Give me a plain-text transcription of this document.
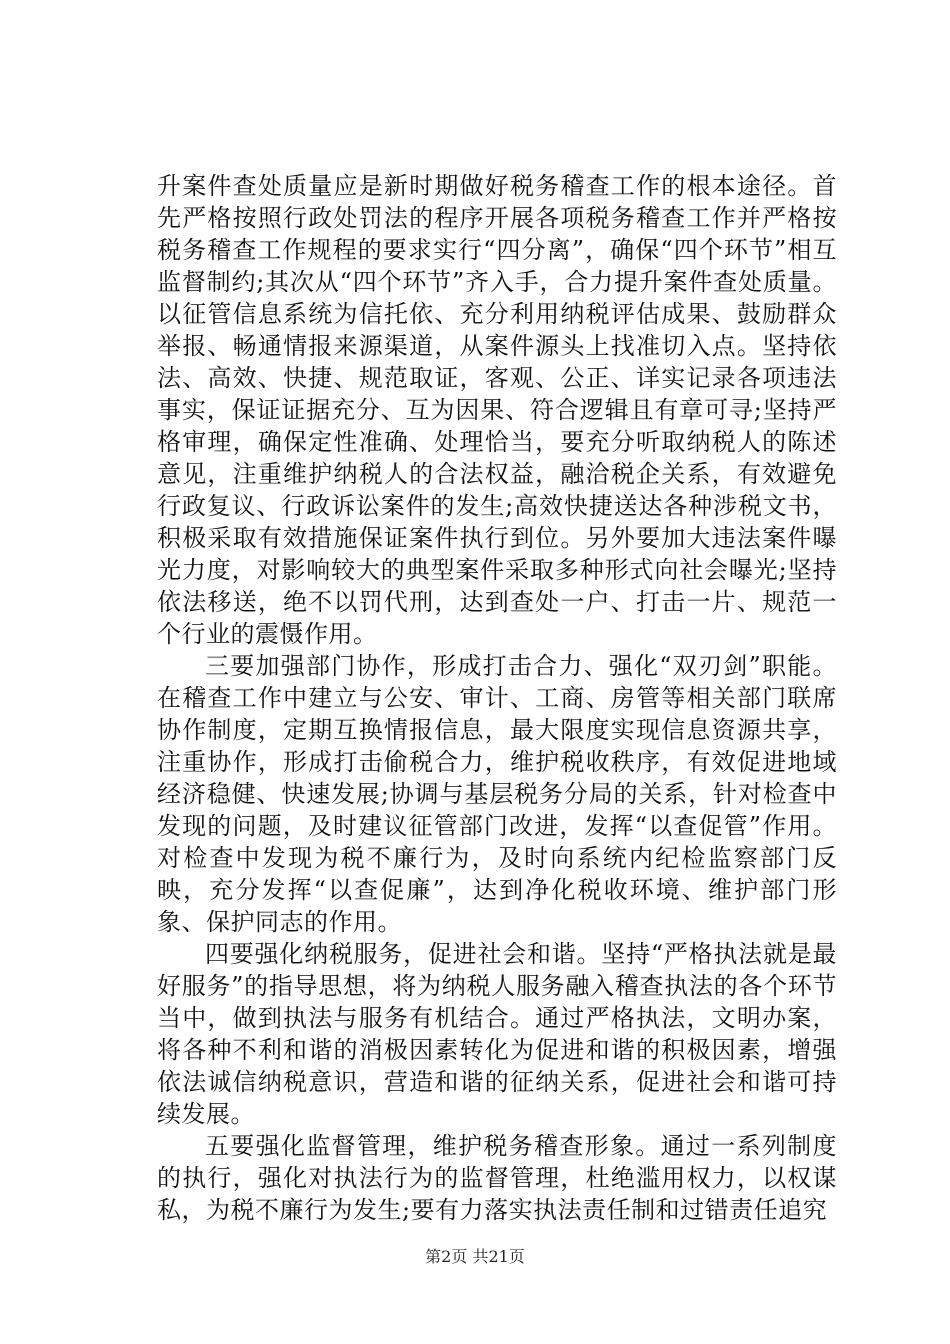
升案件查处质量应是新时期做好税务稽查工作的根本途径。首先严格按照行政处罚法的程序开展各项税务稽查工作并严格按税务稽查工作规程的要求实行“四分离”，确保“四个环节”相互监督制约;其次从“四个环节”齐入手，合力提升案件查处质量。以征管信息系统为信托依、充分利用纳税评估成果、鼓励群众举报、畅通情报来源渠道，从案件源头上找准切入点。坚持依法、高效、快捷、规范取证，客观、公正、详实记录各项违法事实，保证证据充分、互为因果、符合逻辑且有章可寻;坚持严格审理，确保定性准确、处理恰当，要充分听取纳税人的陈述意见，注重维护纳税人的合法权益，融洽税企关系，有效避免行政复议、行政诉讼案件的发生;高效快捷送达各种涉税文书，积极采取有效措施保证案件执行到位。另外要加大违法案件曝光力度，对影响较大的典型案件采取多种形式向社会曝光;坚持依法移送，绝不以罚代刑，达到查处一户、打击一片、规范一个行业的震慑作用。

三要加强部门协作，形成打击合力、强化“双刃剑”职能。在稽查工作中建立与公安、审计、工商、房管等相关部门联席协作制度，定期互换情报信息，最大限度实现信息资源共享，注重协作，形成打击偷税合力，维护税收秩序，有效促进地域经济稳健、快速发展;协调与基层税务分局的关系，针对检查中发现的问题，及时建议征管部门改进，发挥“以查促管”作用。对检查中发现为税不廉行为，及时向系统内纪检监察部门反映，充分发挥“以查促廉”，达到净化税收环境、维护部门形象、保护同志的作用。

四要强化纳税服务，促进社会和谐。坚持“严格执法就是最好服务”的指导思想，将为纳税人服务融入稽查执法的各个环节当中，做到执法与服务有机结合。通过严格执法，文明办案，将各种不利和谐的消极因素转化为促进和谐的积极因素，增强依法诚信纳税意识，营造和谐的征纳关系，促进社会和谐可持续发展。

五要强化监督管理，维护税务稽查形象。通过一系列制度的执行，强化对执法行为的监督管理，杜绝滥用权力，以权谋私，为税不廉行为发生;要有力落实执法责任制和过错责任追究

第2页 共21页
